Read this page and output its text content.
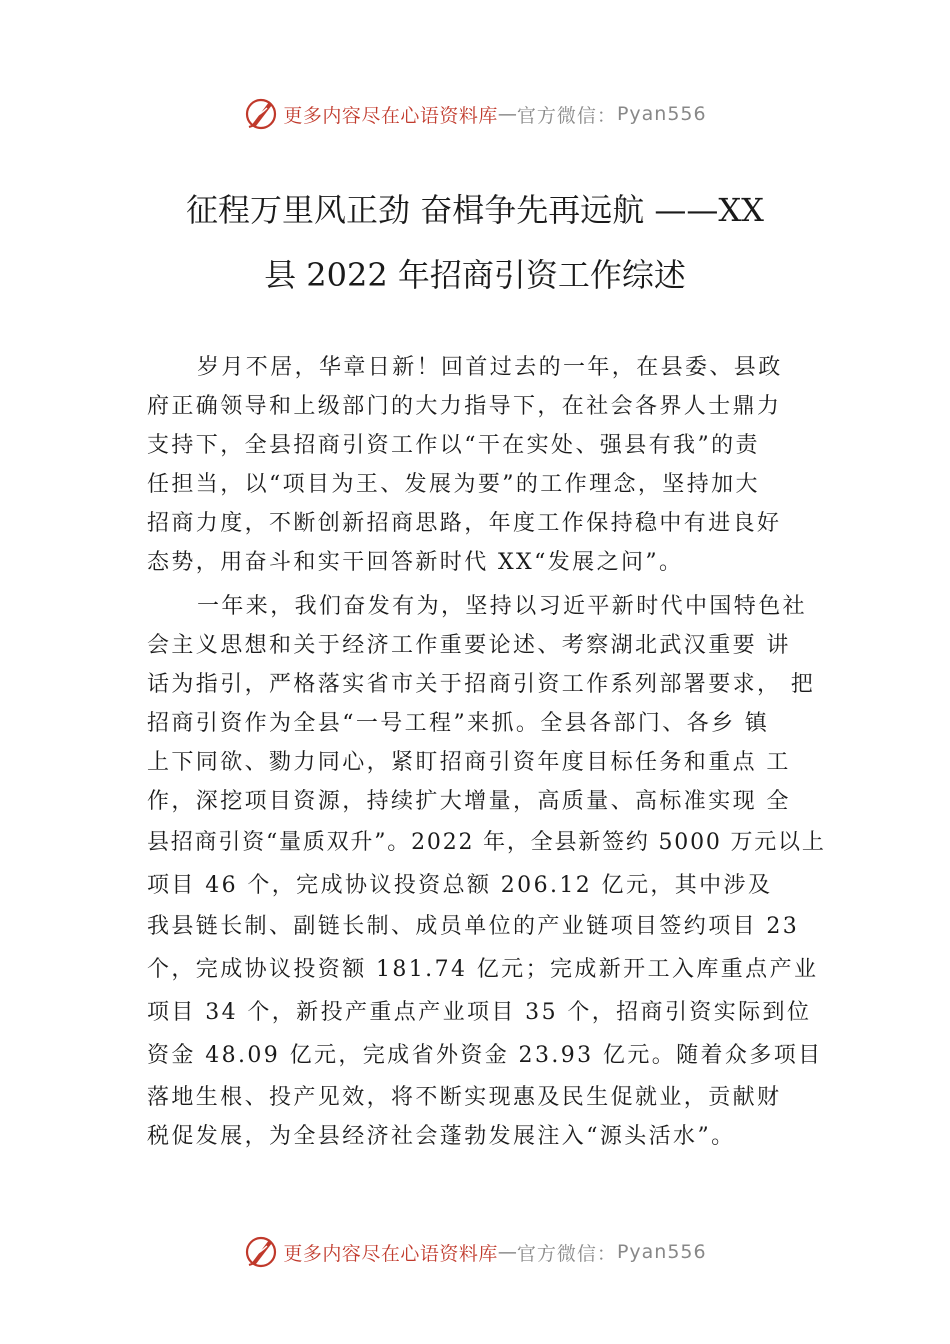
更多内容尽在心语资料库 — 官方微信： Pyan556
征程万里风正劲 奋楫争先再远航 ——XX
县 2022 年招商引资工作综述
岁月不居，华章日新！回首过去的一年，在县委、县政
府正确领导和上级部门的大力指导下，在社会各界人士鼎力
支持下，全县招商引资工作以“干在实处、强县有我”的责
任担当，以“项目为王、发展为要”的工作理念，坚持加大
招商力度，不断创新招商思路，年度工作保持稳中有进良好
态势，用奋斗和实干回答新时代 XX“发展之问”。
一年来，我们奋发有为，坚持以习近平新时代中国特色社
会主义思想和关于经济工作重要论述、考察湖北武汉重要 讲
话为指引，严格落实省市关于招商引资工作系列部署要求， 把
招商引资作为全县“一号工程”来抓。全县各部门、各乡 镇
上下同欲、勠力同心，紧盯招商引资年度目标任务和重点 工
作，深挖项目资源，持续扩大增量，高质量、高标准实现 全
县招商引资“量质双升”。2022 年，全县新签约 5000 万元以上
项目 46 个，完成协议投资总额 206.12 亿元，其中涉及
我县链长制、副链长制、成员单位的产业链项目签约项目 23
个，完成协议投资额 181.74 亿元；完成新开工入库重点产业
项目 34 个，新投产重点产业项目 35 个，招商引资实际到位
资金 48.09 亿元，完成省外资金 23.93 亿元。随着众多项目
落地生根、投产见效，将不断实现惠及民生促就业，贡献财
税促发展，为全县经济社会蓬勃发展注入“源头活水”。
更多内容尽在心语资料库 — 官方微信： Pyan556
